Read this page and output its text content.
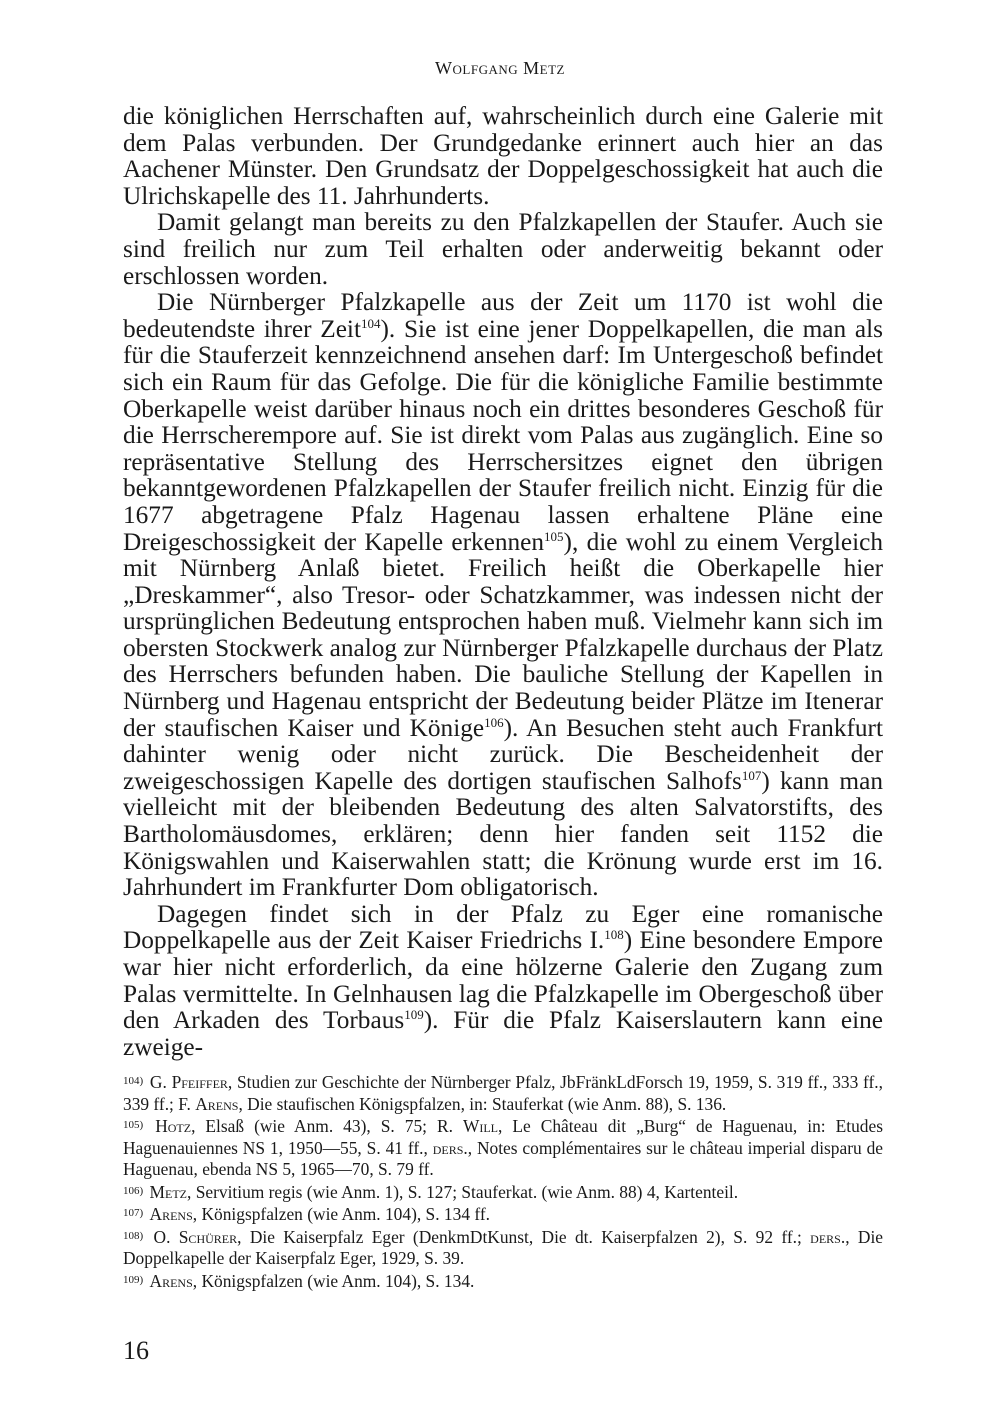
Wolfgang Metz

die königlichen Herrschaften auf, wahrscheinlich durch eine Galerie mit dem Palas verbunden. Der Grundgedanke erinnert auch hier an das Aachener Münster. Den Grundsatz der Doppelgeschossigkeit hat auch die Ulrichskapelle des 11. Jahrhunderts.

Damit gelangt man bereits zu den Pfalzkapellen der Staufer. Auch sie sind freilich nur zum Teil erhalten oder anderweitig bekannt oder erschlossen worden.

Die Nürnberger Pfalzkapelle aus der Zeit um 1170 ist wohl die bedeutendste ihrer Zeit$^{104}$). Sie ist eine jener Doppelkapellen, die man als für die Stauferzeit kennzeichnend ansehen darf: Im Untergeschoß befindet sich ein Raum für das Gefolge. Die für die königliche Familie bestimmte Oberkapelle weist darüber hinaus noch ein drittes besonderes Geschoß für die Herrscherempore auf. Sie ist direkt vom Palas aus zugänglich. Eine so repräsentative Stellung des Herrschersitzes eignet den übrigen bekanntgewordenen Pfalzkapellen der Staufer freilich nicht. Einzig für die 1677 abgetragene Pfalz Hagenau lassen erhaltene Pläne eine Dreigeschossigkeit der Kapelle erkennen$^{105}$), die wohl zu einem Vergleich mit Nürnberg Anlaß bietet. Freilich heißt die Oberkapelle hier „Dreskammer“, also Tresor- oder Schatzkammer, was indessen nicht der ursprünglichen Bedeutung entsprochen haben muß. Vielmehr kann sich im obersten Stockwerk analog zur Nürnberger Pfalzkapelle durchaus der Platz des Herrschers befunden haben. Die bauliche Stellung der Kapellen in Nürnberg und Hagenau entspricht der Bedeutung beider Plätze im Itenerar der staufischen Kaiser und Könige$^{106}$). An Besuchen steht auch Frankfurt dahinter wenig oder nicht zurück. Die Bescheidenheit der zweigeschossigen Kapelle des dortigen staufischen Salhofs$^{107}$) kann man vielleicht mit der bleibenden Bedeutung des alten Salvatorstifts, des Bartholomäusdomes, erklären; denn hier fanden seit 1152 die Königswahlen und Kaiserwahlen statt; die Krönung wurde erst im 16. Jahrhundert im Frankfurter Dom obligatorisch.

Dagegen findet sich in der Pfalz zu Eger eine romanische Doppelkapelle aus der Zeit Kaiser Friedrichs I.$^{108}$) Eine besondere Empore war hier nicht erforderlich, da eine hölzerne Galerie den Zugang zum Palas vermittelte. In Gelnhausen lag die Pfalzkapelle im Obergeschoß über den Arkaden des Torbaus$^{109}$). Für die Pfalz Kaiserslautern kann eine zweige-

$^{104)}$ G. Pfeiffer, Studien zur Geschichte der Nürnberger Pfalz, JbFränkLdForsch 19, 1959, S. 319 ff., 333 ff., 339 ff.; F. Arens, Die staufischen Königspfalzen, in: Stauferkat (wie Anm. 88), S. 136.

$^{105)}$ Hotz, Elsaß (wie Anm. 43), S. 75; R. Will, Le Château dit „Burg“ de Haguenau, in: Etudes Haguenauiennes NS 1, 1950—55, S. 41 ff., ders., Notes complémentaires sur le château imperial disparu de Haguenau, ebenda NS 5, 1965—70, S. 79 ff.

$^{106)}$ Metz, Servitium regis (wie Anm. 1), S. 127; Stauferkat. (wie Anm. 88) 4, Kartenteil.

$^{107)}$ Arens, Königspfalzen (wie Anm. 104), S. 134 ff.

$^{108)}$ O. Schürer, Die Kaiserpfalz Eger (DenkmDtKunst, Die dt. Kaiserpfalzen 2), S. 92 ff.; ders., Die Doppelkapelle der Kaiserpfalz Eger, 1929, S. 39.

$^{109)}$ Arens, Königspfalzen (wie Anm. 104), S. 134.

16
